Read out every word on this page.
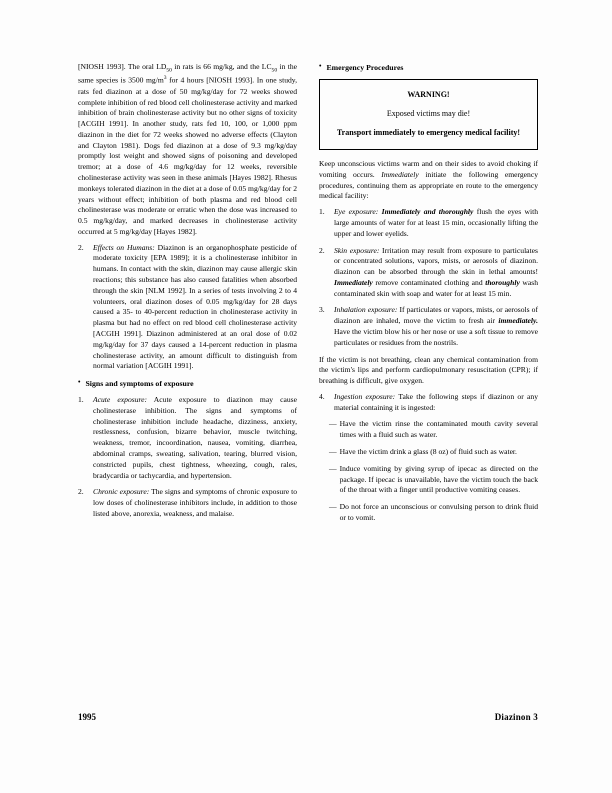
[NIOSH 1993]. The oral $LD_{50}$ in rats is 66 mg/kg, and the $LC_{50}$ in the same species is 3500 $mg/m^3$ for 4 hours [NIOSH 1993]. In one study, rats fed diazinon at a dose of 50 mg/kg/day for 72 weeks showed complete inhibition of red blood cell cholinesterase activity and marked inhibition of brain cholinesterase activity but no other signs of toxicity [ACGIH 1991]. In another study, rats fed 10, 100, or 1,000 ppm diazinon in the diet for 72 weeks showed no adverse effects (Clayton and Clayton 1981). Dogs fed diazinon at a dose of 9.3 mg/kg/day promptly lost weight and showed signs of poisoning and developed tremor; at a dose of 4.6 mg/kg/day for 12 weeks, reversible cholinesterase activity was seen in these animals [Hayes 1982]. Rhesus monkeys tolerated diazinon in the diet at a dose of 0.05 mg/kg/day for 2 years without effect; inhibition of both plasma and red blood cell cholinesterase was moderate or erratic when the dose was increased to 0.5 mg/kg/day, and marked decreases in cholinesterase activity occurred at 5 mg/kg/day [Hayes 1982].

2.	Effects on Humans: Diazinon is an organophosphate pesticide of moderate toxicity [EPA 1989]; it is a cholinesterase inhibitor in humans. In contact with the skin, diazinon may cause allergic skin reactions; this substance has also caused fatalities when absorbed through the skin [NLM 1992]. In a series of tests involving 2 to 4 volunteers, oral diazinon doses of 0.05 mg/kg/day for 28 days caused a 35- to 40-percent reduction in cholinesterase activity in plasma but had no effect on red blood cell cholinesterase activity [ACGIH 1991]. Diazinon administered at an oral dose of 0.02 mg/kg/day for 37 days caused a 14-percent reduction in plasma cholinesterase activity, an amount difficult to distinguish from normal variation [ACGIH 1991].
• Signs and symptoms of exposure
1.	Acute exposure: Acute exposure to diazinon may cause cholinesterase inhibition. The signs and symptoms of cholinesterase inhibition include headache, dizziness, anxiety, restlessness, confusion, bizarre behavior, muscle twitching, weakness, tremor, incoordination, nausea, vomiting, diarrhea, abdominal cramps, sweating, salivation, tearing, blurred vision, constricted pupils, chest tightness, wheezing, cough, rales, bradycardia or tachycardia, and hypertension.
2.	Chronic exposure: The signs and symptoms of chronic exposure to low doses of cholinesterase inhibitors include, in addition to those listed above, anorexia, weakness, and malaise.
• Emergency Procedures

WARNING!

Exposed victims may die!

Transport immediately to emergency medical facility!

Keep unconscious victims warm and on their sides to avoid choking if vomiting occurs. Immediately initiate the following emergency procedures, continuing them as appropriate en route to the emergency medical facility:

1.	Eye exposure: Immediately and thoroughly flush the eyes with large amounts of water for at least 15 min, occasionally lifting the upper and lower eyelids.
2.	Skin exposure: Irritation may result from exposure to particulates or concentrated solutions, vapors, mists, or aerosols of diazinon. diazinon can be absorbed through the skin in lethal amounts! Immediately remove contaminated clothing and thoroughly wash contaminated skin with soap and water for at least 15 min.
3.	Inhalation exposure: If particulates or vapors, mists, or aerosols of diazinon are inhaled, move the victim to fresh air immediately. Have the victim blow his or her nose or use a soft tissue to remove particulates or residues from the nostrils.

If the victim is not breathing, clean any chemical contamination from the victim's lips and perform cardiopulmonary resuscitation (CPR); if breathing is difficult, give oxygen.

4.	Ingestion exposure: Take the following steps if diazinon or any material containing it is ingested:
— Have the victim rinse the contaminated mouth cavity several times with a fluid such as water.
— Have the victim drink a glass (8 oz) of fluid such as water.
— Induce vomiting by giving syrup of ipecac as directed on the package. If ipecac is unavailable, have the victim touch the back of the throat with a finger until productive vomiting ceases.
— Do not force an unconscious or convulsing person to drink fluid or to vomit.
1995	Diazinon 3
